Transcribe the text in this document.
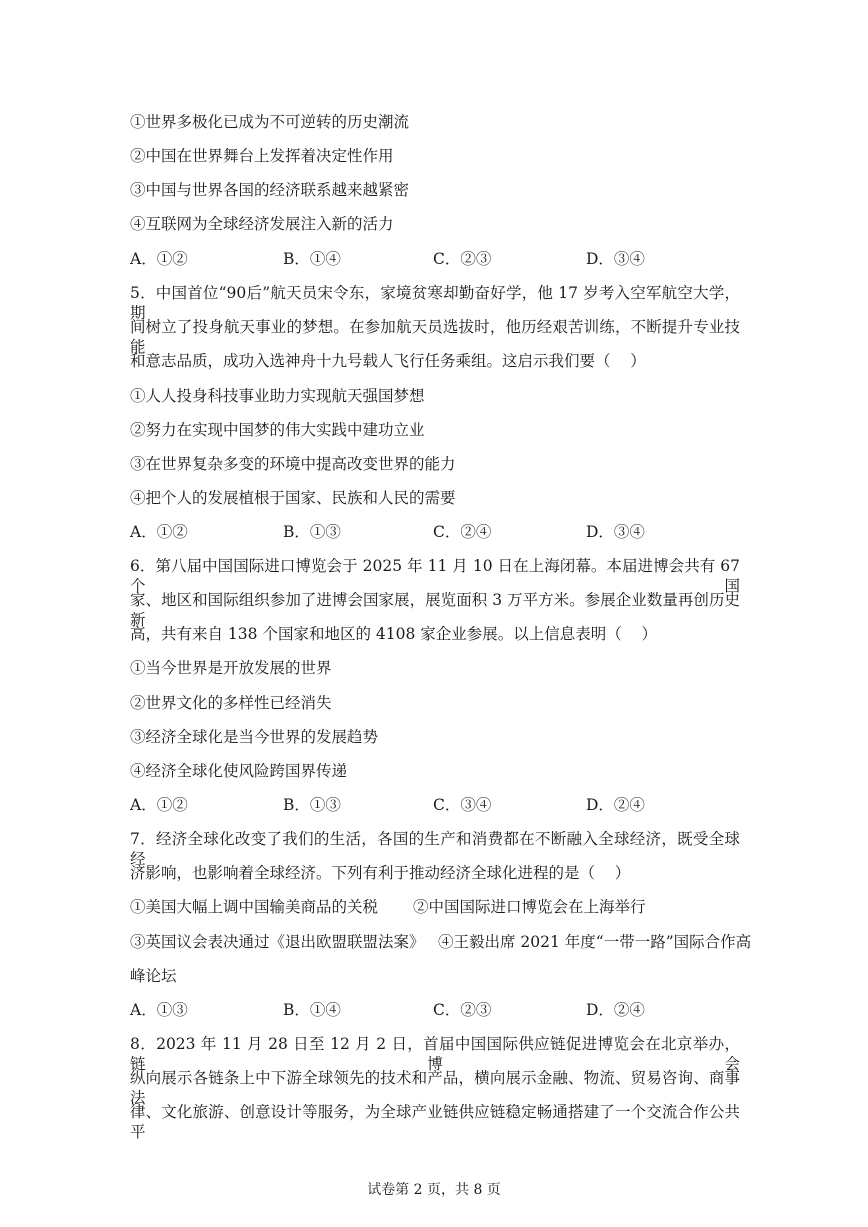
①世界多极化已成为不可逆转的历史潮流
②中国在世界舞台上发挥着决定性作用
③中国与世界各国的经济联系越来越紧密
④互联网为全球经济发展注入新的活力
A．①②	B．①④	C．②③	D．③④
5．中国首位“90后”航天员宋令东，家境贫寒却勤奋好学，他 17 岁考入空军航空大学，期
间树立了投身航天事业的梦想。在参加航天员选拔时，他历经艰苦训练，不断提升专业技能
和意志品质，成功入选神舟十九号载人飞行任务乘组。这启示我们要（    ）
①人人投身科技事业助力实现航天强国梦想
②努力在实现中国梦的伟大实践中建功立业
③在世界复杂多变的环境中提高改变世界的能力
④把个人的发展植根于国家、民族和人民的需要
A．①②	B．①③	C．②④	D．③④
6．第八届中国国际进口博览会于 2025 年 11 月 10 日在上海闭幕。本届进博会共有 67 个国
家、地区和国际组织参加了进博会国家展，展览面积 3 万平方米。参展企业数量再创历史新
高，共有来自 138 个国家和地区的 4108 家企业参展。以上信息表明（    ）
①当今世界是开放发展的世界
②世界文化的多样性已经消失
③经济全球化是当今世界的发展趋势
④经济全球化使风险跨国界传递
A．①②	B．①③	C．③④	D．②④
7．经济全球化改变了我们的生活，各国的生产和消费都在不断融入全球经济，既受全球经
济影响，也影响着全球经济。下列有利于推动经济全球化进程的是（    ）
①美国大幅上调中国输美商品的关税 ②中国国际进口博览会在上海举行
③英国议会表决通过《退出欧盟联盟法案》 ④王毅出席 2021 年度“一带一路”国际合作高
峰论坛
A．①③	B．①④	C．②③	D．②④
8．2023 年 11 月 28 日至 12 月 2 日，首届中国国际供应链促进博览会在北京举办，链博会
纵向展示各链条上中下游全球领先的技术和产品，横向展示金融、物流、贸易咨询、商事法
律、文化旅游、创意设计等服务，为全球产业链供应链稳定畅通搭建了一个交流合作公共平
试卷第 2 页，共 8 页
